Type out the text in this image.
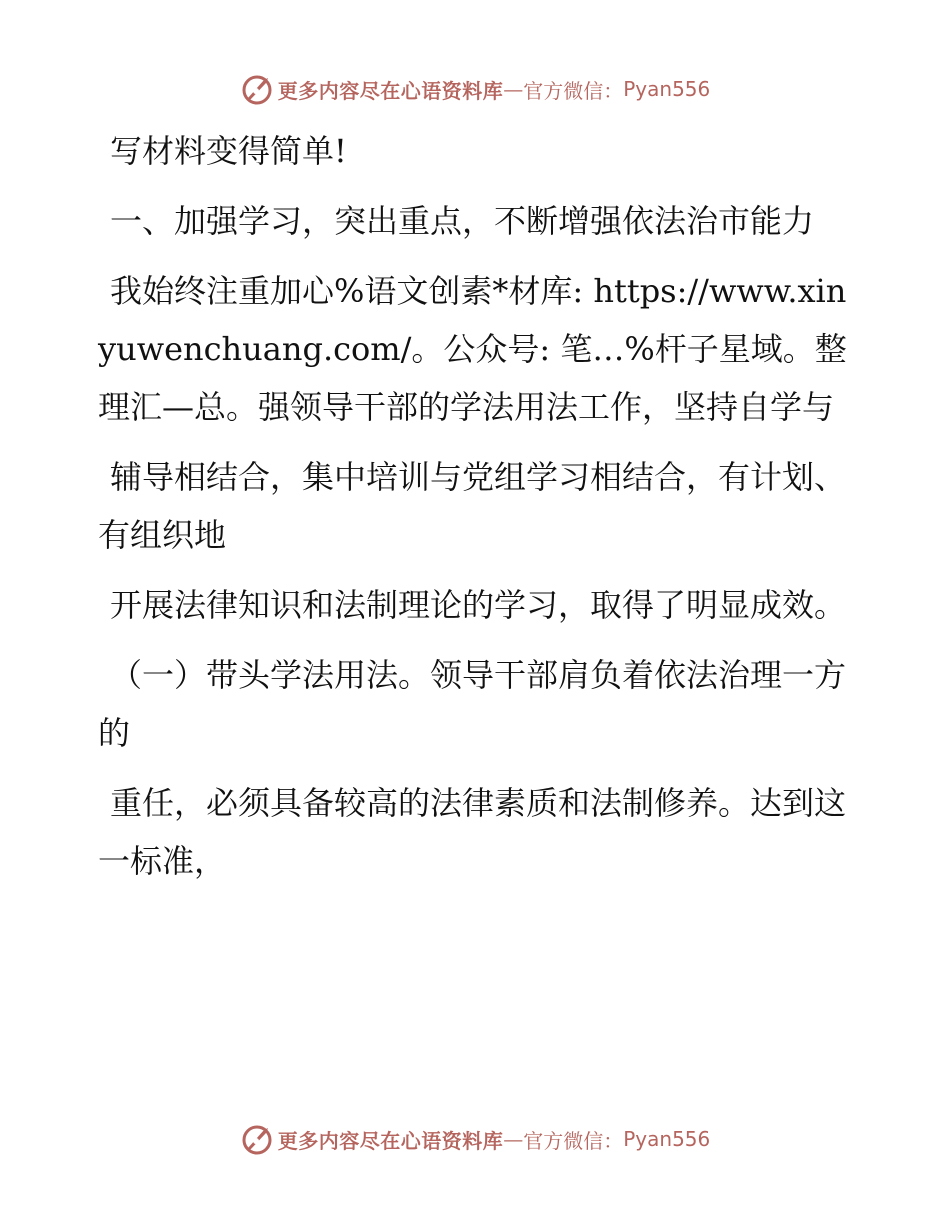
更多内容尽在心语资料库 — 官方微信： Pyan556

写材料变得简单!

一、加强学习，突出重点，不断增强依法治市能力

我始终注重加心%语文创素*材库: https://www.xinyuwenchuang.com/。公众号: 笔…%杆子星域。整理汇—总。强领导干部的学法用法工作，坚持自学与

辅导相结合，集中培训与党组学习相结合，有计划、有组织地

开展法律知识和法制理论的学习，取得了明显成效。

（一）带头学法用法。领导干部肩负着依法治理一方的

重任，必须具备较高的法律素质和法制修养。达到这一标准，

更多内容尽在心语资料库 — 官方微信： Pyan556
